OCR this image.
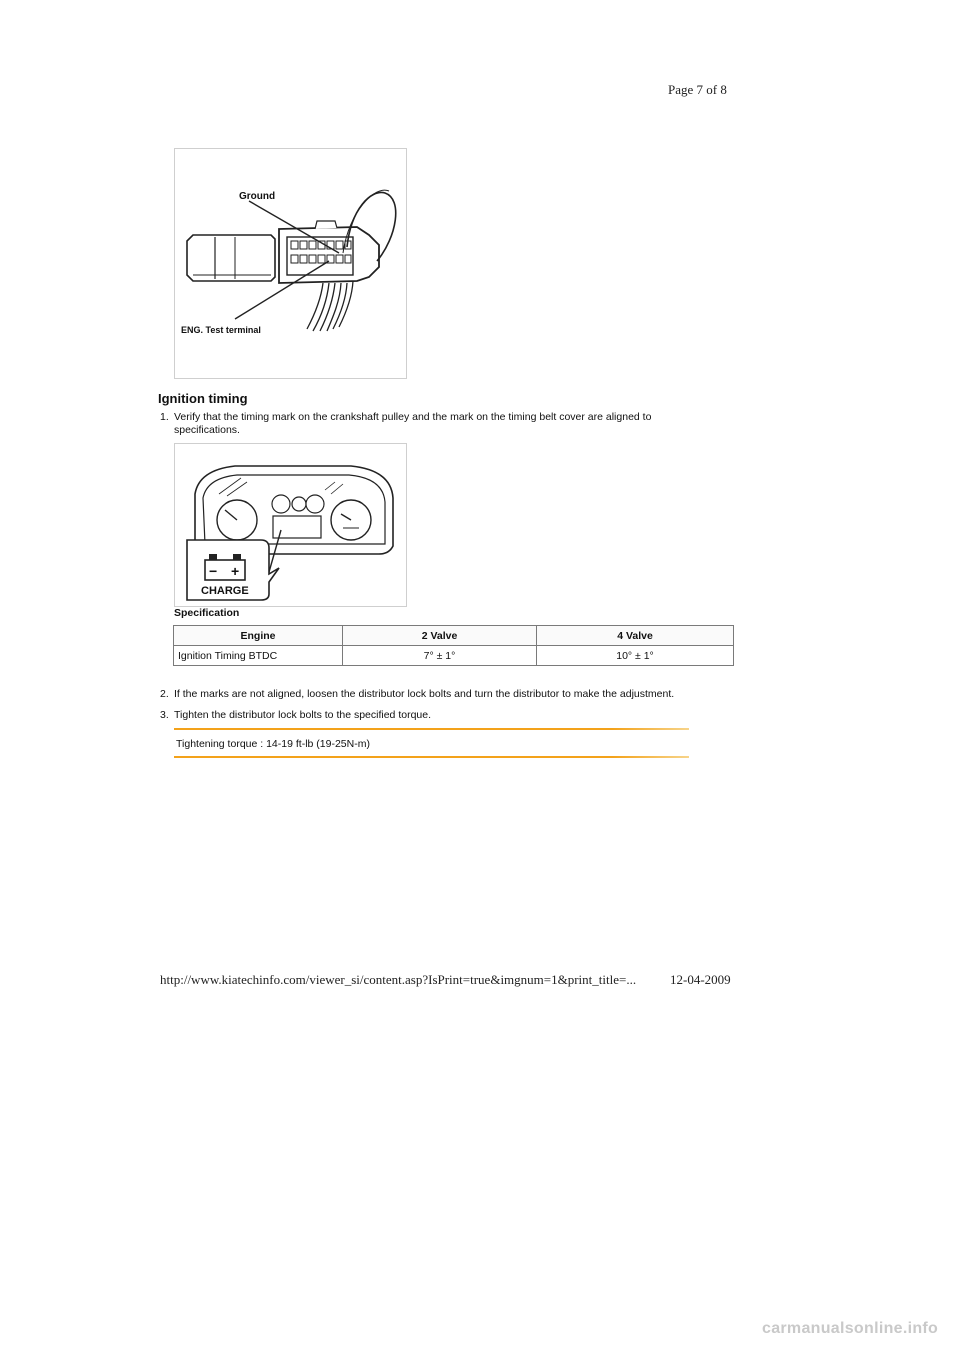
Page 7 of 8
Ground
ENG. Test terminal
Ignition timing
1. Verify that the timing mark on the crankshaft pulley and the mark on the timing belt cover are aligned to specifications.
− +
CHARGE
Specification
Engine	2 Valve	4 Valve
Ignition Timing BTDC	7° ± 1°	10° ± 1°
2. If the marks are not aligned, loosen the distributor lock bolts and turn the distributor to make the adjustment.
3. Tighten the distributor lock bolts to the specified torque.
Tightening torque : 14-19 ft-lb (19-25N-m)
http://www.kiatechinfo.com/viewer_si/content.asp?IsPrint=true&imgnum=1&print_title=...	12-04-2009
carmanualsonline.info
